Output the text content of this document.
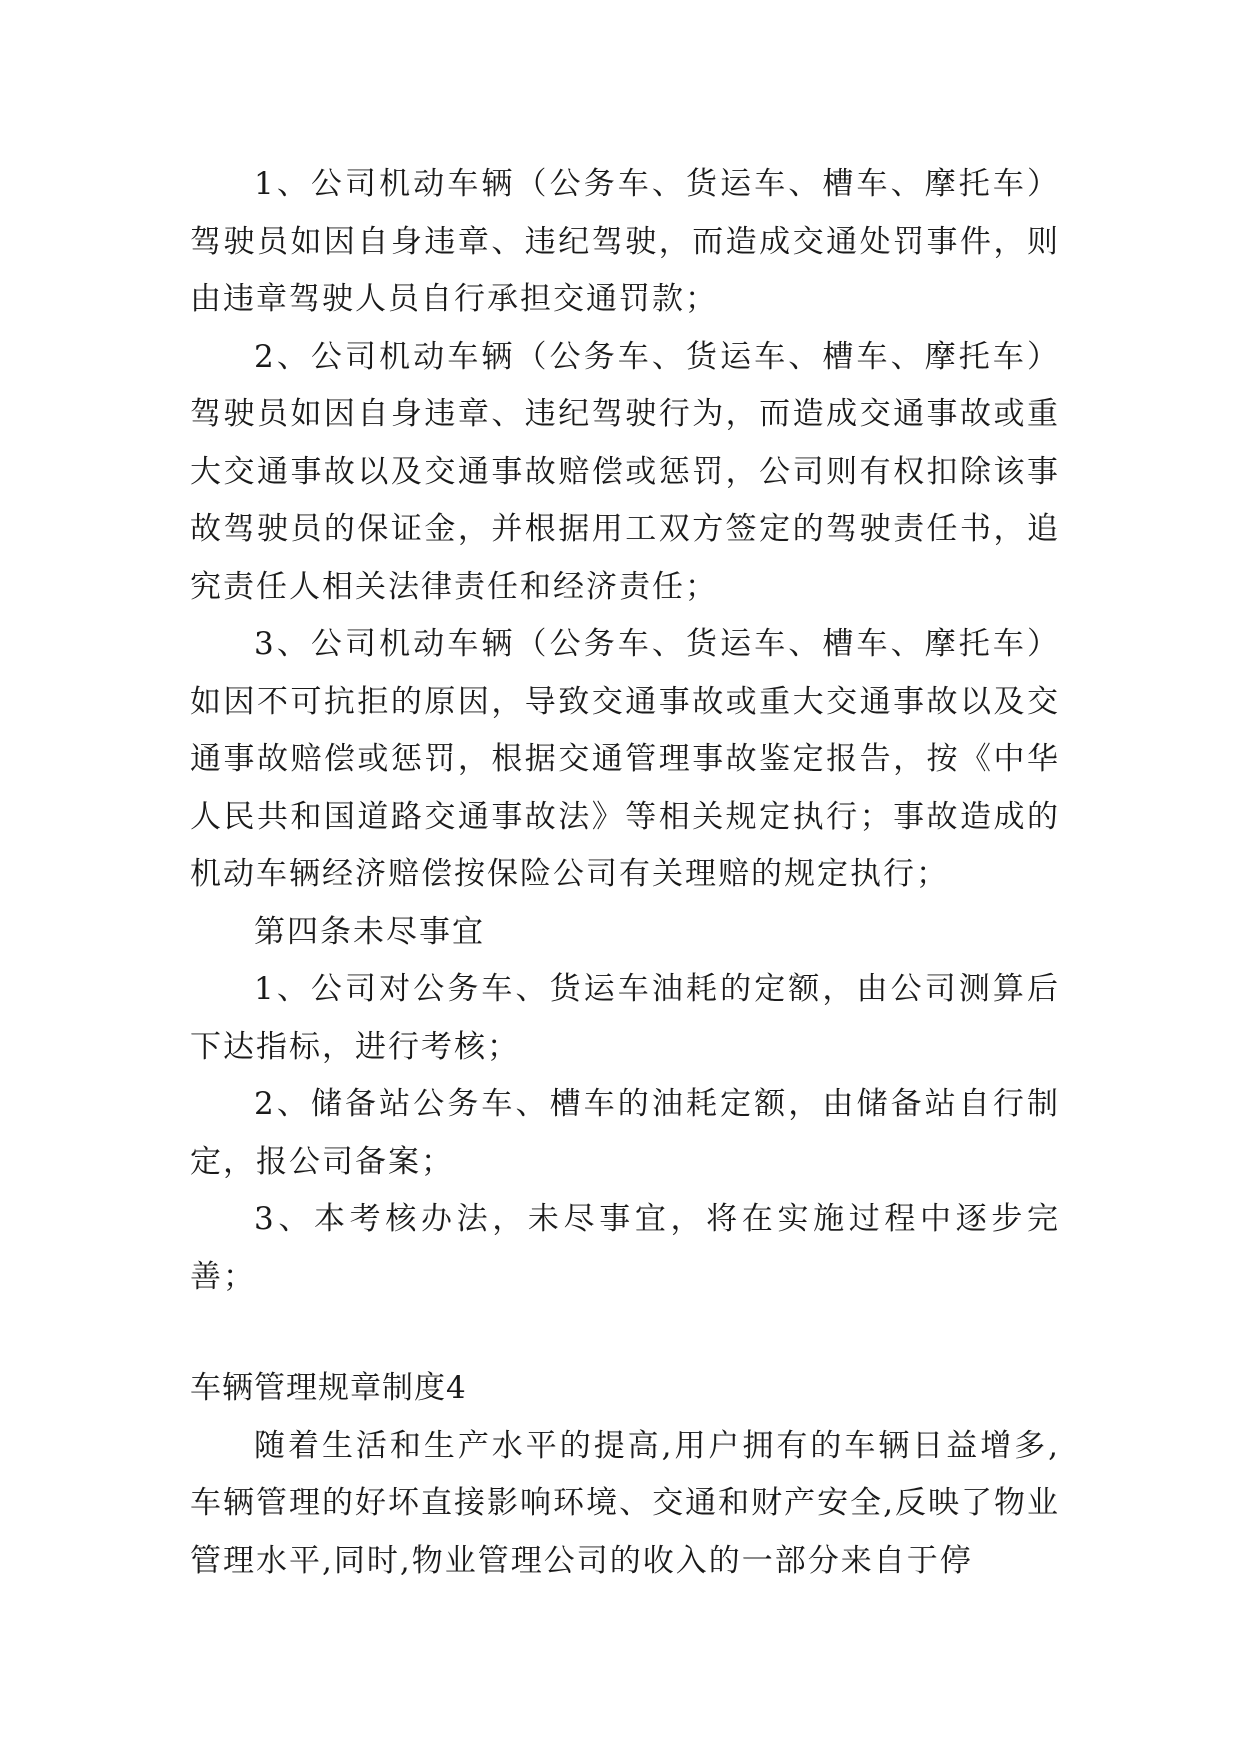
1、公司机动车辆（公务车、货运车、槽车、摩托车）驾驶员如因自身违章、违纪驾驶，而造成交通处罚事件，则由违章驾驶人员自行承担交通罚款；

2、公司机动车辆（公务车、货运车、槽车、摩托车）驾驶员如因自身违章、违纪驾驶行为，而造成交通事故或重大交通事故以及交通事故赔偿或惩罚，公司则有权扣除该事故驾驶员的保证金，并根据用工双方签定的驾驶责任书，追究责任人相关法律责任和经济责任；

3、公司机动车辆（公务车、货运车、槽车、摩托车）如因不可抗拒的原因，导致交通事故或重大交通事故以及交通事故赔偿或惩罚，根据交通管理事故鉴定报告，按《中华人民共和国道路交通事故法》等相关规定执行；事故造成的机动车辆经济赔偿按保险公司有关理赔的规定执行；

第四条未尽事宜

1、公司对公务车、货运车油耗的定额，由公司测算后下达指标，进行考核；

2、储备站公务车、槽车的油耗定额，由储备站自行制定，报公司备案；

3、本考核办法，未尽事宜，将在实施过程中逐步完善；

车辆管理规章制度4

随着生活和生产水平的提高,用户拥有的车辆日益增多,车辆管理的好坏直接影响环境、交通和财产安全,反映了物业管理水平,同时,物业管理公司的收入的一部分来自于停
